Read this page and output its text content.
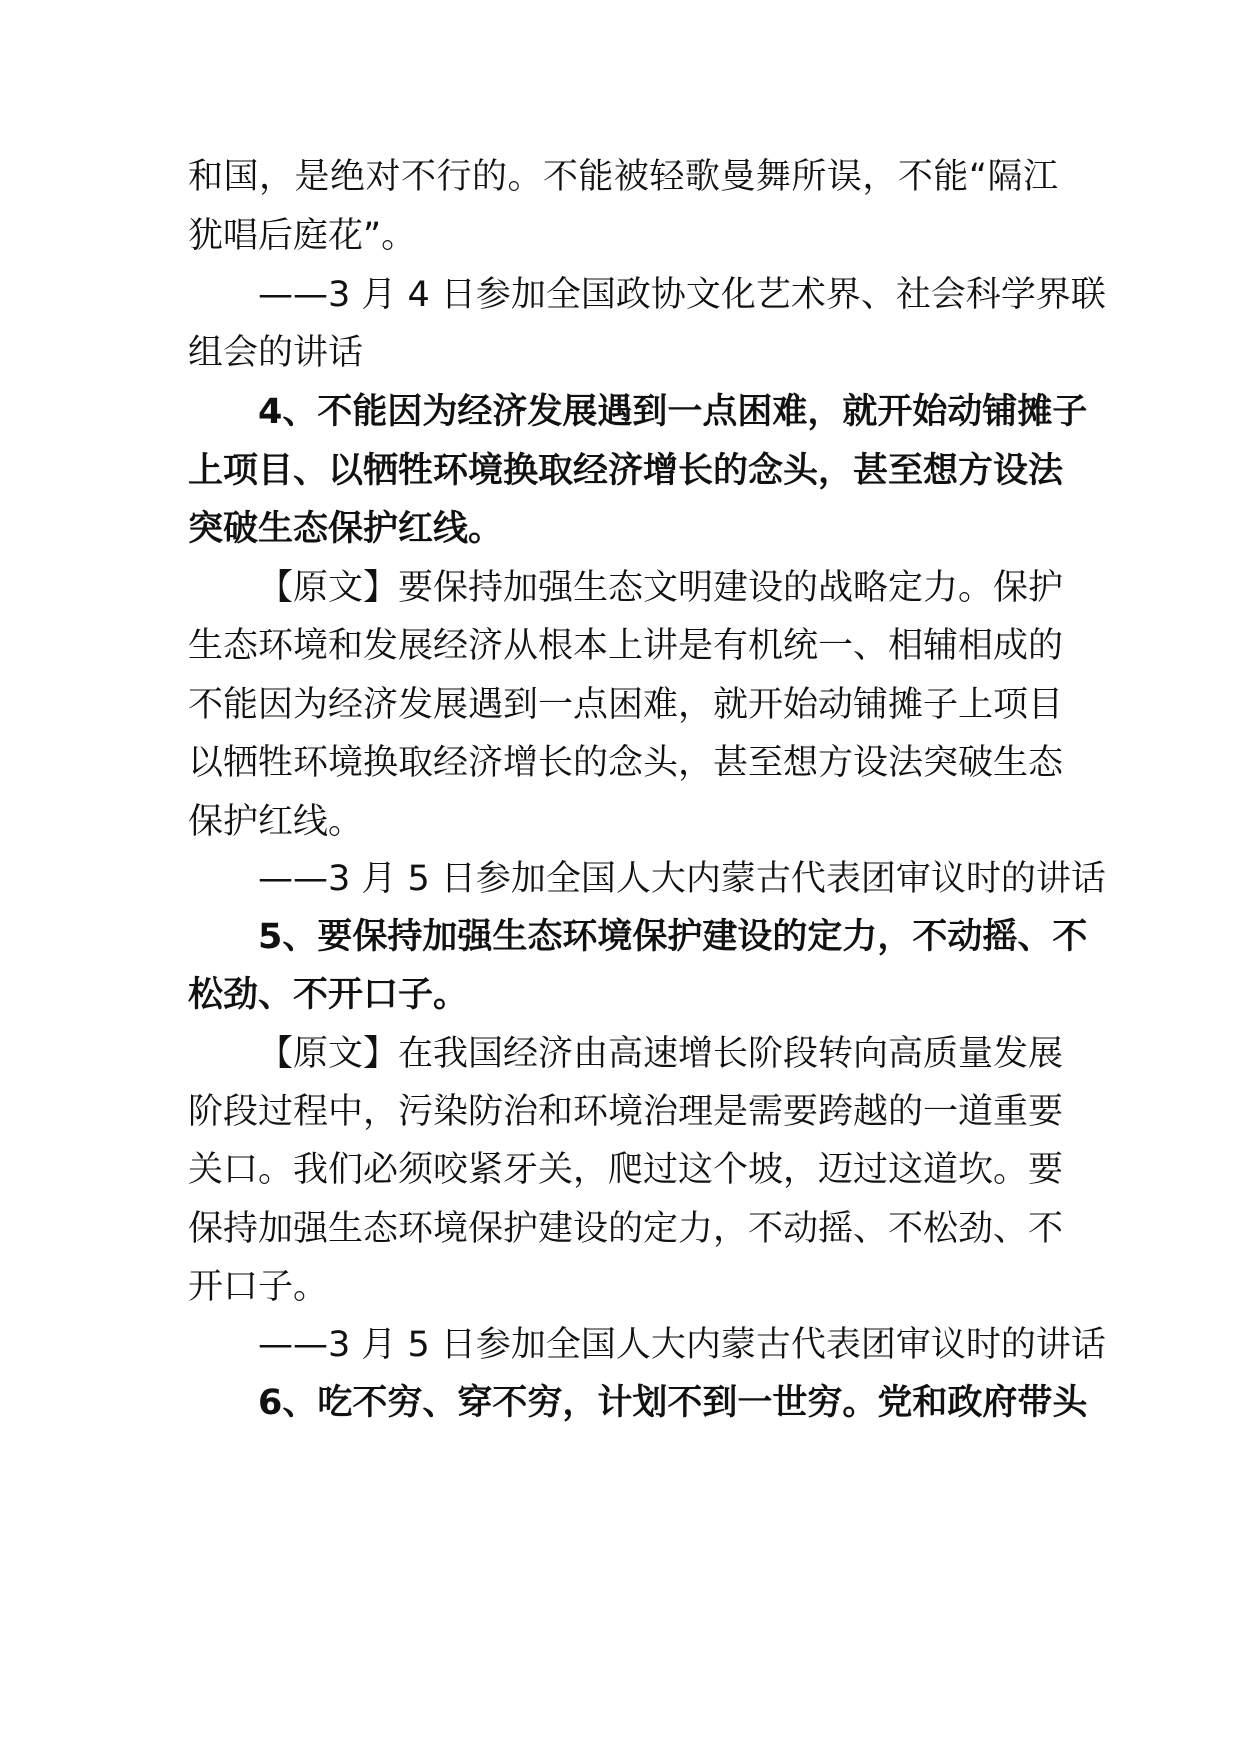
和国，是绝对不行的。不能被轻歌曼舞所误，不能“隔江
犹唱后庭花”。
——3 月 4 日参加全国政协文化艺术界、社会科学界联
组会的讲话
4、不能因为经济发展遇到一点困难，就开始动铺摊子
上项目、以牺牲环境换取经济增长的念头，甚至想方设法
突破生态保护红线。
【原文】要保持加强生态文明建设的战略定力。保护
生态环境和发展经济从根本上讲是有机统一、相辅相成的
不能因为经济发展遇到一点困难，就开始动铺摊子上项目
以牺牲环境换取经济增长的念头，甚至想方设法突破生态
保护红线。
——3 月 5 日参加全国人大内蒙古代表团审议时的讲话
5、要保持加强生态环境保护建设的定力，不动摇、不
松劲、不开口子。
【原文】在我国经济由高速增长阶段转向高质量发展
阶段过程中，污染防治和环境治理是需要跨越的一道重要
关口。我们必须咬紧牙关，爬过这个坡，迈过这道坎。要
保持加强生态环境保护建设的定力，不动摇、不松劲、不
开口子。
——3 月 5 日参加全国人大内蒙古代表团审议时的讲话
6、吃不穷、穿不穷，计划不到一世穷。党和政府带头
